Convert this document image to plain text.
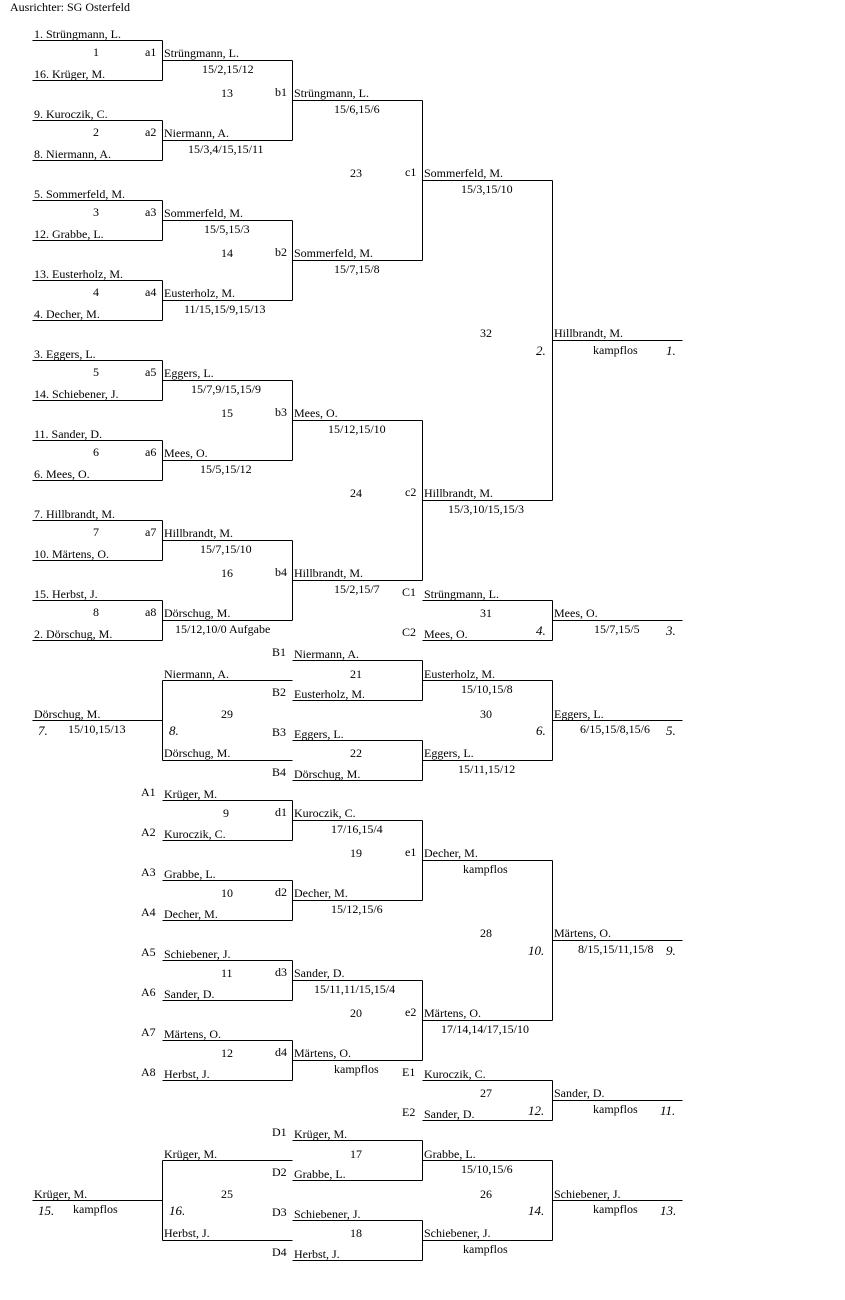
Ausrichter: SG Osterfeld
1. Strüngmann, L.
1	a1 Strüngmann, L.
15/2,15/12
16. Krüger, M.
13	b1 Strüngmann, L.
15/6,15/6
9. Kuroczik, C.
2	a2 Niermann, A.
15/3,4/15,15/11
8. Niermann, A.
23	c1 Sommerfeld, M.
15/3,15/10
5. Sommerfeld, M.
3	a3 Sommerfeld, M.
15/5,15/3
12. Grabbe, L.
14	b2 Sommerfeld, M.
15/7,15/8
13. Eusterholz, M.
4	a4 Eusterholz, M.
11/15,15/9,15/13
4. Decher, M.
32	Hillbrandt, M.
2.	kampflos 1.
3. Eggers, L.
5	a5 Eggers, L.
15/7,9/15,15/9
14. Schiebener, J.
15	b3 Mees, O.
15/12,15/10
11. Sander, D.
6	a6 Mees, O.
15/5,15/12
6. Mees, O.
24	c2 Hillbrandt, M.
15/3,10/15,15/3
7. Hillbrandt, M.
7	a7 Hillbrandt, M.
15/7,15/10
10. Märtens, O.
16	b4 Hillbrandt, M.
15/2,15/7
15. Herbst, J.	C1 Strüngmann, L.
8	a8 Dörschug, M.	31	Mees, O.
15/12,10/0 Aufgabe	4.	15/7,15/5 3.
2. Dörschug, M.	C2 Mees, O.
B1 Niermann, A.
Niermann, A.	21	Eusterholz, M.
15/10,15/8
B2 Eusterholz, M.
Dörschug, M.	29	30	Eggers, L.
7. 15/10,15/13	8.	6.	6/15,15/8,15/6 5.
B3 Eggers, L.
Dörschug, M.	22	Eggers, L.
15/11,15/12
B4 Dörschug, M.
A1 Krüger, M.
9	d1 Kuroczik, C.
17/16,15/4
A2 Kuroczik, C.
19	e1 Decher, M.
kampflos
A3 Grabbe, L.
10	d2 Decher, M.
15/12,15/6
A4 Decher, M.
28	Märtens, O.
10.	8/15,15/11,15/8 9.
A5 Schiebener, J.
11	d3 Sander, D.
15/11,11/15,15/4
A6 Sander, D.
20	e2 Märtens, O.
17/14,14/17,15/10
A7 Märtens, O.
12	d4 Märtens, O.
kampflos
A8 Herbst, J.	E1 Kuroczik, C.
27	Sander, D.
kampflos 11.
12.
E2 Sander, D.
D1 Krüger, M.
Krüger, M.	17	Grabbe, L.
15/10,15/6
D2 Grabbe, L.
Krüger, M.	25	26	Schiebener, J.
15. kampflos	16.	14.	kampflos 13.
D3 Schiebener, J.
Herbst, J.	18	Schiebener, J.
kampflos
D4 Herbst, J.
